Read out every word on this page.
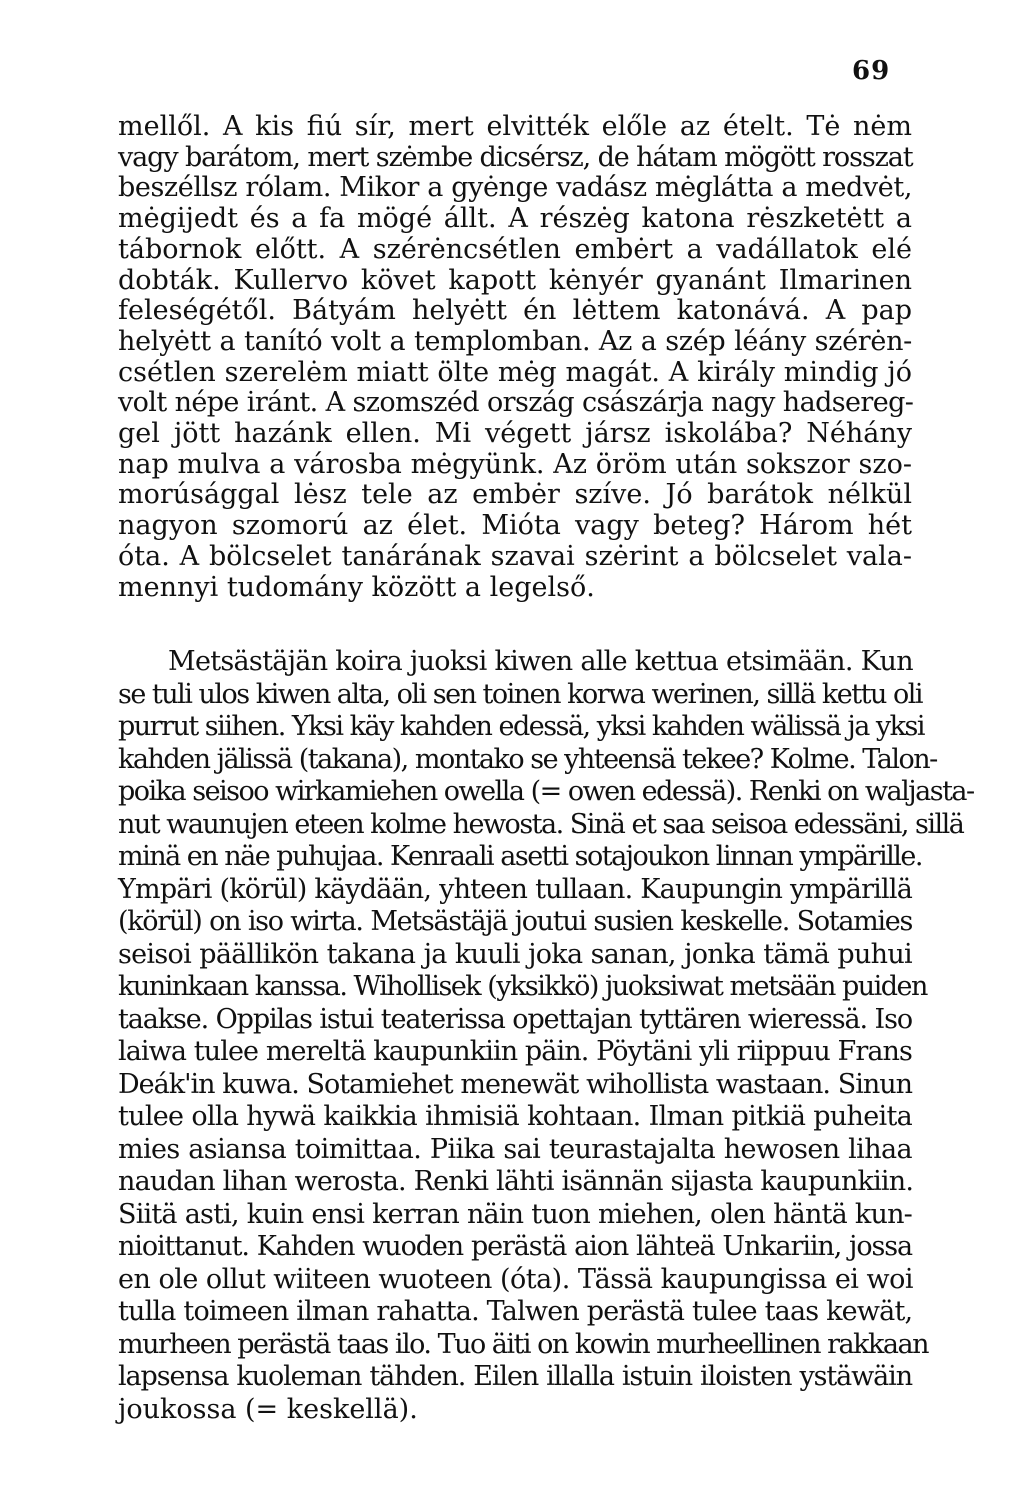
69
mellől. A kis fiú sír, mert elvitték előle az ételt. Tė nėm
vagy barátom, mert szėmbe dicsérsz, de hátam mögött rosszat
beszéllsz rólam. Mikor a gyėnge vadász mėglátta a medvėt,
mėgijedt és a fa mögé állt. A részėg katona rėszketėtt a
tábornok előtt. A szérėncsétlen embėrt a vadállatok elé
dobták. Kullervo követ kapott kėnyér gyanánt Ilmarinen
feleségétől. Bátyám helyėtt én lėttem katonává. A pap
helyėtt a tanító volt a templomban. Az a szép léány szérėn-
csétlen szerelėm miatt ölte mėg magát. A király mindig jó
volt népe iránt. A szomszéd ország császárja nagy hadsereg-
gel jött hazánk ellen. Mi végett jársz iskolába? Néhány
nap mulva a városba mėgyünk. Az öröm után sokszor szo-
morúsággal lėsz tele az embėr szíve. Jó barátok nélkül
nagyon szomorú az élet. Mióta vagy beteg? Három hét
óta. A bölcselet tanárának szavai szėrint a bölcselet vala-
mennyi tudomány között a legelső.
Metsästäjän koira juoksi kiwen alle kettua etsimään. Kun
se tuli ulos kiwen alta, oli sen toinen korwa werinen, sillä kettu oli
purrut siihen. Yksi käy kahden edessä, yksi kahden wälissä ja yksi
kahden jälissä (takana), montako se yhteensä tekee? Kolme. Talon-
poika seisoo wirkamiehen owella (= owen edessä). Renki on waljasta-
nut waunujen eteen kolme hewosta. Sinä et saa seisoa edessäni, sillä
minä en näe puhujaa. Kenraali asetti sotajoukon linnan ympärille.
Ympäri (körül) käydään, yhteen tullaan. Kaupungin ympärillä
(körül) on iso wirta. Metsästäjä joutui susien keskelle. Sotamies
seisoi päällikön takana ja kuuli joka sanan, jonka tämä puhui
kuninkaan kanssa. Wihollisek (yksikkö) juoksiwat metsään puiden
taakse. Oppilas istui teaterissa opettajan tyttären wieressä. Iso
laiwa tulee mereltä kaupunkiin päin. Pöytäni yli riippuu Frans
Deák'in kuwa. Sotamiehet menewät wihollista wastaan. Sinun
tulee olla hywä kaikkia ihmisiä kohtaan. Ilman pitkiä puheita
mies asiansa toimittaa. Piika sai teurastajalta hewosen lihaa
naudan lihan werosta. Renki lähti isännän sijasta kaupunkiin.
Siitä asti, kuin ensi kerran näin tuon miehen, olen häntä kun-
nioittanut. Kahden wuoden perästä aion lähteä Unkariin, jossa
en ole ollut wiiteen wuoteen (óta). Tässä kaupungissa ei woi
tulla toimeen ilman rahatta. Talwen perästä tulee taas kewät,
murheen perästä taas ilo. Tuo äiti on kowin murheellinen rakkaan
lapsensa kuoleman tähden. Eilen illalla istuin iloisten ystäwäin
joukossa (= keskellä).
